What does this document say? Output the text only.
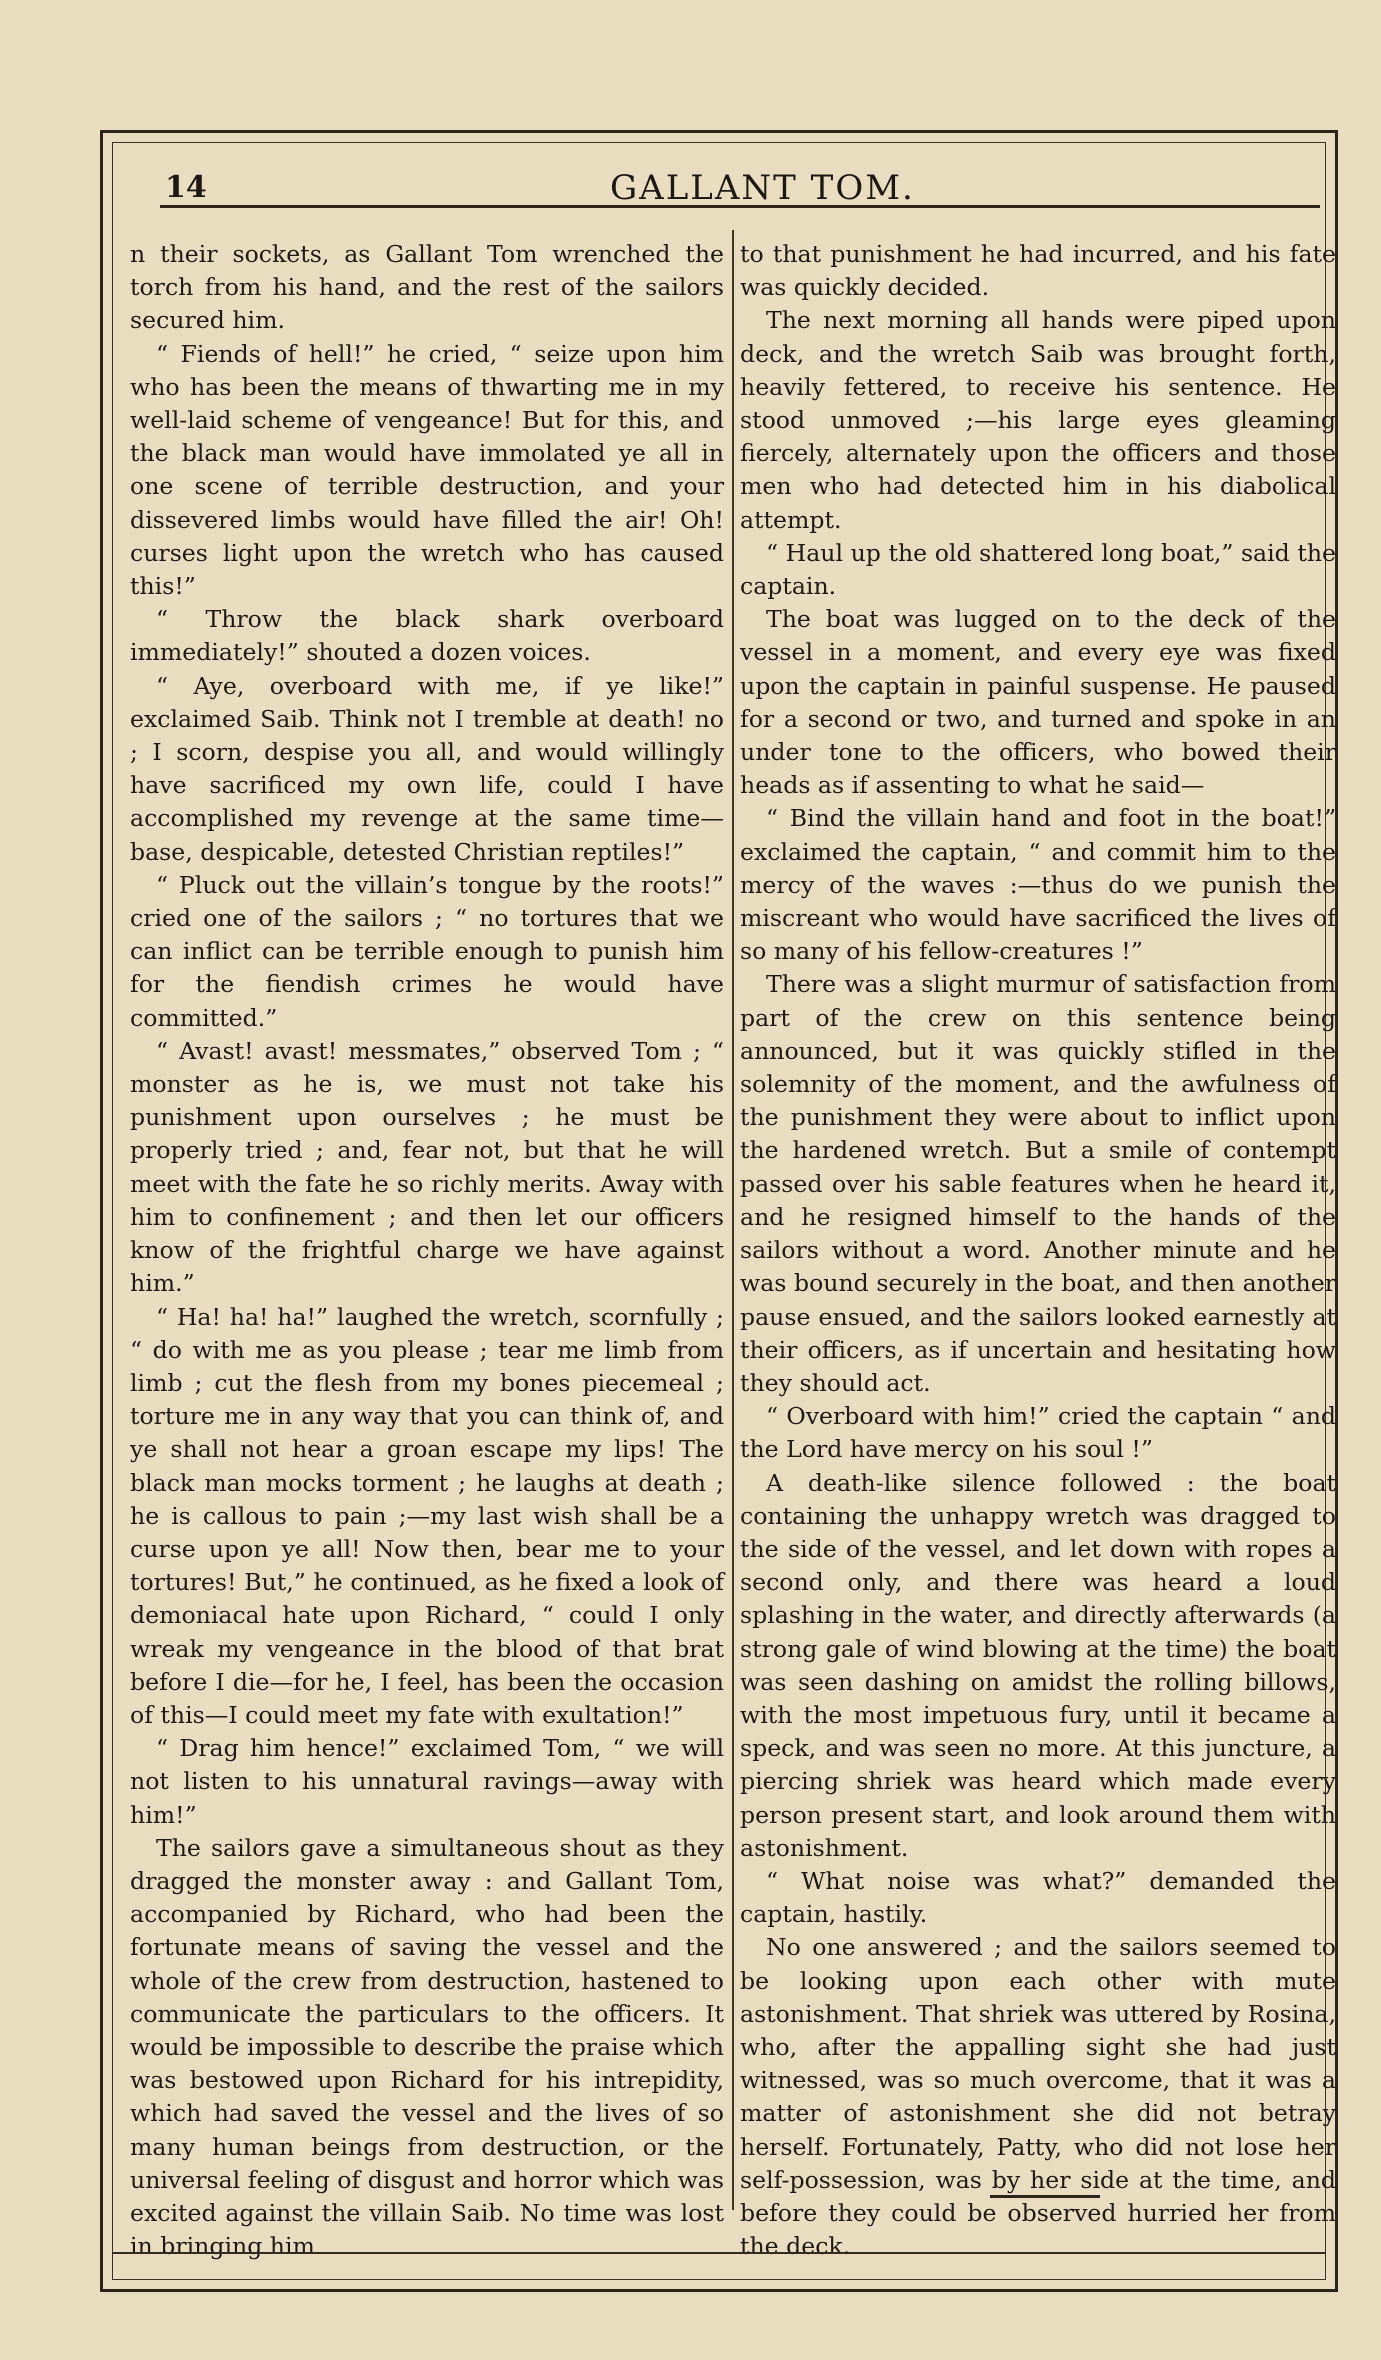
14	GALLANT TOM.

n their sockets, as Gallant Tom wrenched the torch from his hand, and the rest of the sailors secured him.

“ Fiends of hell!” he cried, “ seize upon him who has been the means of thwarting me in my well-laid scheme of vengeance! But for this, and the black man would have immolated ye all in one scene of terrible destruction, and your dissevered limbs would have filled the air! Oh! curses light upon the wretch who has caused this!”

“ Throw the black shark overboard immediately!” shouted a dozen voices.

“ Aye, overboard with me, if ye like!” exclaimed Saib. Think not I tremble at death! no ; I scorn, despise you all, and would willingly have sacrificed my own life, could I have accomplished my revenge at the same time—base, despicable, detested Christian reptiles!”

“ Pluck out the villain’s tongue by the roots!” cried one of the sailors ; “ no tortures that we can inflict can be terrible enough to punish him for the fiendish crimes he would have committed.”

“ Avast! avast! messmates,” observed Tom ; “ monster as he is, we must not take his punishment upon ourselves ; he must be properly tried ; and, fear not, but that he will meet with the fate he so richly merits. Away with him to confinement ; and then let our officers know of the frightful charge we have against him.”

“ Ha! ha! ha!” laughed the wretch, scornfully ; “ do with me as you please ; tear me limb from limb ; cut the flesh from my bones piecemeal ; torture me in any way that you can think of, and ye shall not hear a groan escape my lips! The black man mocks torment ; he laughs at death ; he is callous to pain ;—my last wish shall be a curse upon ye all! Now then, bear me to your tortures! But,” he continued, as he fixed a look of demoniacal hate upon Richard, “ could I only wreak my vengeance in the blood of that brat before I die—for he, I feel, has been the occasion of this—I could meet my fate with exultation!”

“ Drag him hence!” exclaimed Tom, “ we will not listen to his unnatural ravings—away with him!”

The sailors gave a simultaneous shout as they dragged the monster away : and Gallant Tom, accompanied by Richard, who had been the fortunate means of saving the vessel and the whole of the crew from destruction, hastened to communicate the particulars to the officers. It would be impossible to describe the praise which was bestowed upon Richard for his intrepidity, which had saved the vessel and the lives of so many human beings from destruction, or the universal feeling of disgust and horror which was excited against the villain Saib. No time was lost in bringing him

to that punishment he had incurred, and his fate was quickly decided.

The next morning all hands were piped upon deck, and the wretch Saib was brought forth, heavily fettered, to receive his sentence. He stood unmoved ;—his large eyes gleaming fiercely, alternately upon the officers and those men who had detected him in his diabolical attempt.

“ Haul up the old shattered long boat,” said the captain.

The boat was lugged on to the deck of the vessel in a moment, and every eye was fixed upon the captain in painful suspense. He paused for a second or two, and turned and spoke in an under tone to the officers, who bowed their heads as if assenting to what he said—

“ Bind the villain hand and foot in the boat!” exclaimed the captain, “ and commit him to the mercy of the waves :—thus do we punish the miscreant who would have sacrificed the lives of so many of his fellow-creatures !”

There was a slight murmur of satisfaction from part of the crew on this sentence being announced, but it was quickly stifled in the solemnity of the moment, and the awfulness of the punishment they were about to inflict upon the hardened wretch. But a smile of contempt passed over his sable features when he heard it, and he resigned himself to the hands of the sailors without a word. Another minute and he was bound securely in the boat, and then another pause ensued, and the sailors looked earnestly at their officers, as if uncertain and hesitating how they should act.

“ Overboard with him!” cried the captain “ and the Lord have mercy on his soul !”

A death-like silence followed : the boat containing the unhappy wretch was dragged to the side of the vessel, and let down with ropes a second only, and there was heard a loud splashing in the water, and directly afterwards (a strong gale of wind blowing at the time) the boat was seen dashing on amidst the rolling billows, with the most impetuous fury, until it became a speck, and was seen no more. At this juncture, a piercing shriek was heard which made every person present start, and look around them with astonishment.

“ What noise was what?” demanded the captain, hastily.

No one answered ; and the sailors seemed to be looking upon each other with mute astonishment. That shriek was uttered by Rosina, who, after the appalling sight she had just witnessed, was so much overcome, that it was a matter of astonishment she did not betray herself. Fortunately, Patty, who did not lose her self-possession, was by her side at the time, and before they could be observed hurried her from the deck.
